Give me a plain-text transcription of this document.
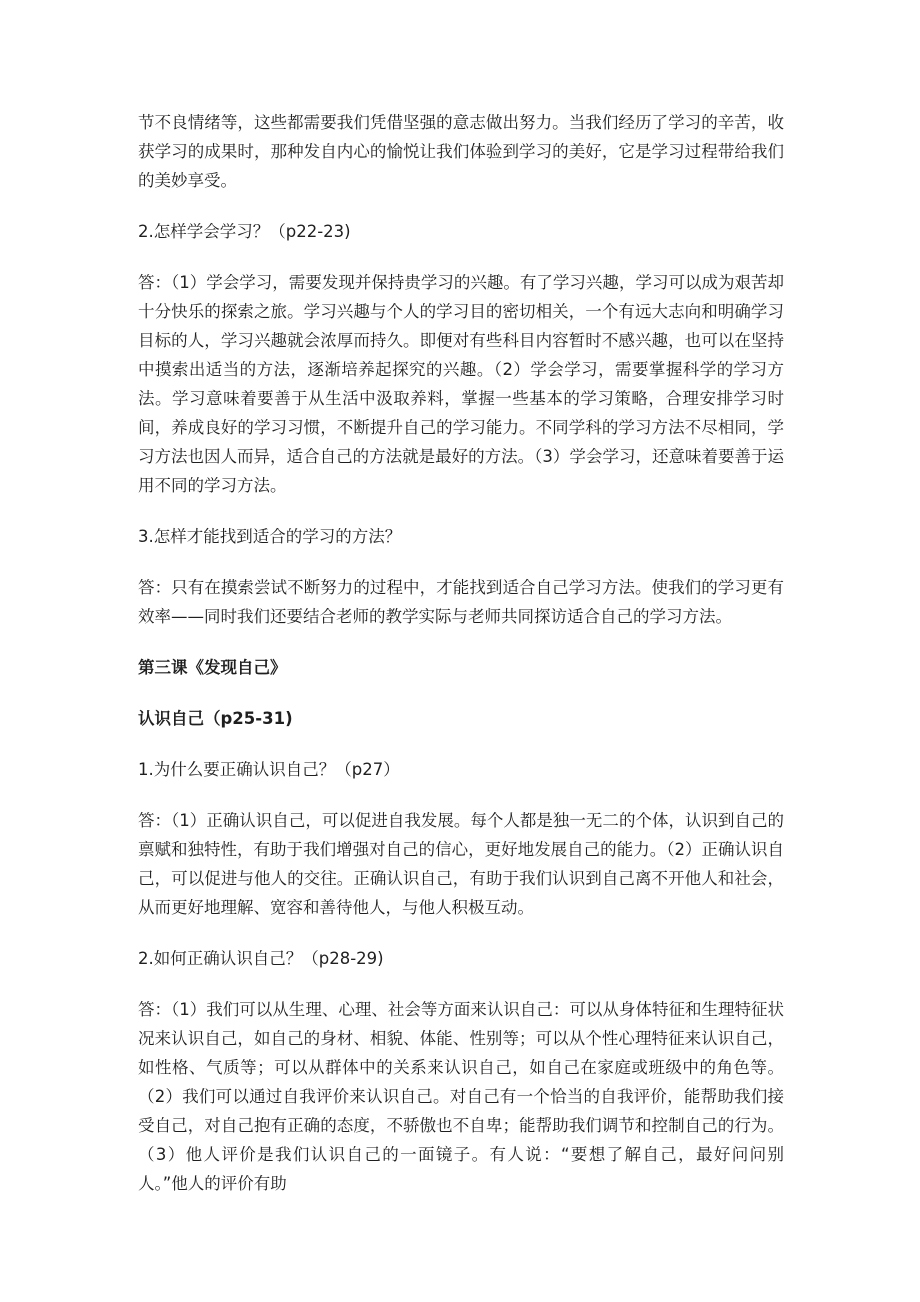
节不良情绪等，这些都需要我们凭借坚强的意志做出努力。当我们经历了学习的辛苦，收获学习的成果时，那种发自内心的愉悦让我们体验到学习的美好，它是学习过程带给我们的美妙享受。

2.怎样学会学习？（p22-23)

答：（1）学会学习，需要发现并保持贵学习的兴趣。有了学习兴趣，学习可以成为艰苦却十分快乐的探索之旅。学习兴趣与个人的学习目的密切相关，一个有远大志向和明确学习目标的人，学习兴趣就会浓厚而持久。即便对有些科目内容暂时不感兴趣，也可以在坚持中摸索出适当的方法，逐渐培养起探究的兴趣。（2）学会学习，需要掌握科学的学习方法。学习意味着要善于从生活中汲取养料，掌握一些基本的学习策略，合理安排学习时间，养成良好的学习习惯，不断提升自己的学习能力。不同学科的学习方法不尽相同，学习方法也因人而异，适合自己的方法就是最好的方法。（3）学会学习，还意味着要善于运用不同的学习方法。

3.怎样才能找到适合的学习的方法？

答：只有在摸索尝试不断努力的过程中，才能找到适合自己学习方法。使我们的学习更有效率——同时我们还要结合老师的教学实际与老师共同探访适合自己的学习方法。

第三课《发现自己》

认识自己（p25-31)

1.为什么要正确认识自己？（p27）

答：（1）正确认识自己，可以促进自我发展。每个人都是独一无二的个体，认识到自己的禀赋和独特性，有助于我们增强对自己的信心，更好地发展自己的能力。（2）正确认识自己，可以促进与他人的交往。正确认识自己，有助于我们认识到自己离不开他人和社会，从而更好地理解、宽容和善待他人，与他人积极互动。

2.如何正确认识自己？（p28-29)

答：（1）我们可以从生理、心理、社会等方面来认识自己：可以从身体特征和生理特征状况来认识自己，如自己的身材、相貌、体能、性别等；可以从个性心理特征来认识自己，如性格、气质等；可以从群体中的关系来认识自己，如自己在家庭或班级中的角色等。（2）我们可以通过自我评价来认识自己。对自己有一个恰当的自我评价，能帮助我们接受自己，对自己抱有正确的态度，不骄傲也不自卑；能帮助我们调节和控制自己的行为。（3）他人评价是我们认识自己的一面镜子。有人说：“要想了解自己，最好问问别人。”他人的评价有助
